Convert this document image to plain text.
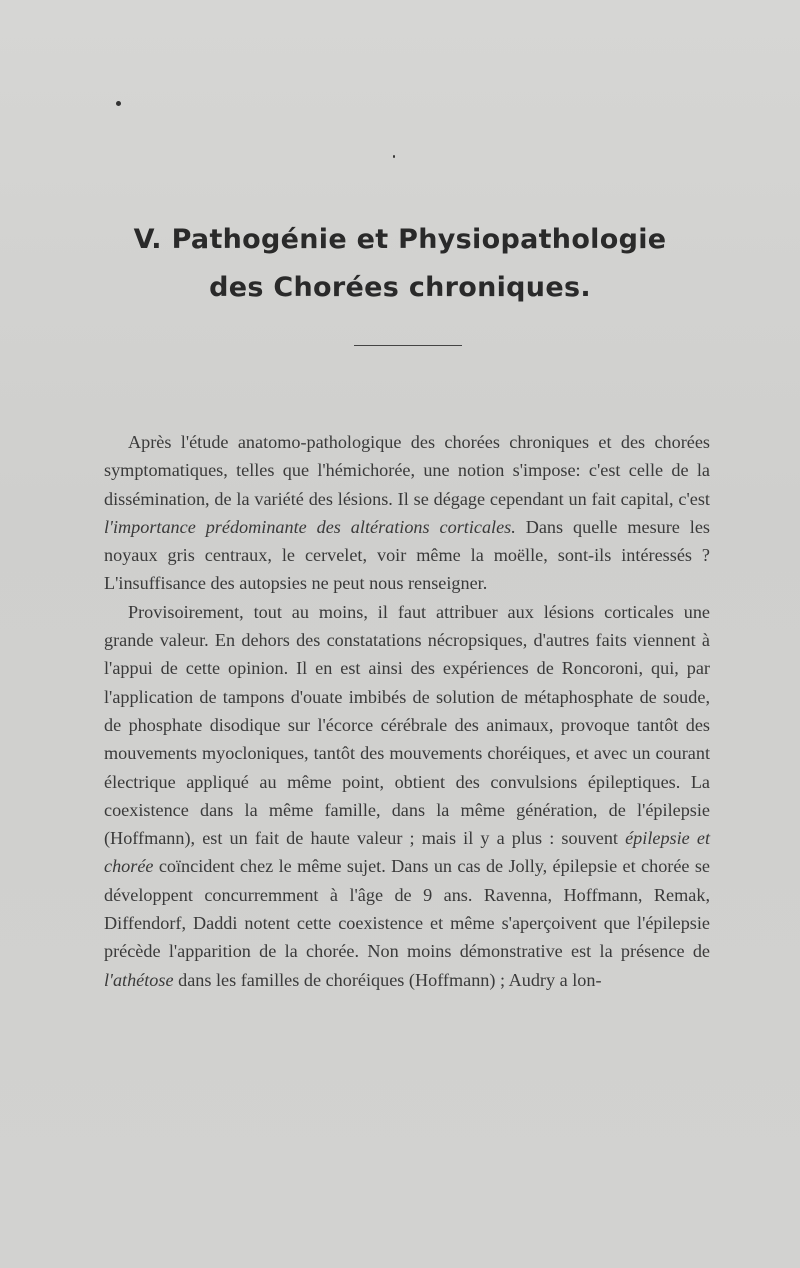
V. Pathogénie et Physiopathologie
des Chorées chroniques.

Après l'étude anatomo-pathologique des chorées chroniques et des chorées symptomatiques, telles que l'hémichorée, une notion s'impose: c'est celle de la dissémination, de la variété des lésions. Il se dégage cependant un fait capital, c'est l'importance prédominante des altérations corticales. Dans quelle mesure les noyaux gris centraux, le cervelet, voir même la moëlle, sont-ils intéressés ? L'insuffisance des autopsies ne peut nous renseigner.

Provisoirement, tout au moins, il faut attribuer aux lésions corticales une grande valeur. En dehors des constatations nécropsiques, d'autres faits viennent à l'appui de cette opinion. Il en est ainsi des expériences de Roncoroni, qui, par l'application de tampons d'ouate imbibés de solution de métaphosphate de soude, de phosphate disodique sur l'écorce cérébrale des animaux, provoque tantôt des mouvements myocloniques, tantôt des mouvements choréiques, et avec un courant électrique appliqué au même point, obtient des convulsions épileptiques. La coexistence dans la même famille, dans la même génération, de l'épilepsie (Hoffmann), est un fait de haute valeur ; mais il y a plus : souvent épilepsie et chorée coïncident chez le même sujet. Dans un cas de Jolly, épilepsie et chorée se développent concurremment à l'âge de 9 ans. Ravenna, Hoffmann, Remak, Diffendorf, Daddi notent cette coexistence et même s'aperçoivent que l'épilepsie précède l'apparition de la chorée. Non moins démonstrative est la présence de l'athétose dans les familles de choréiques (Hoffmann) ; Audry a lon-
